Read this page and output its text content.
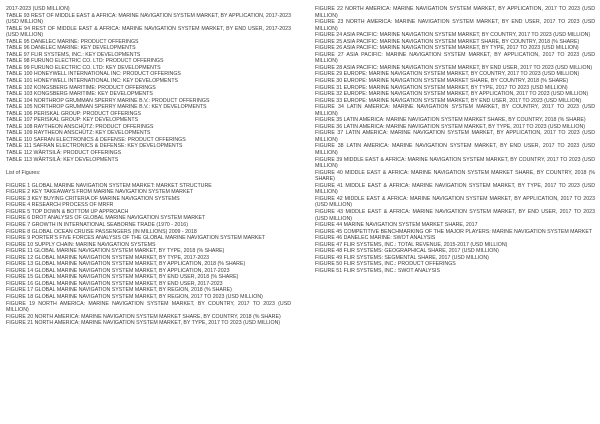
2017-2023 (USD MILLION)

TABLE 93 REST OF MIDDLE EAST & AFRICA: MARINE NAVIGATION SYSTEM MARKET, BY APPLICATION, 2017-2023 (USD MILLION)

TABLE 94 REST OF MIDDLE EAST & AFRICA: MARINE NAVIGATION SYSTEM MARKET, BY END USER, 2017-2023 (USD MILLION)

TABLE 95 DANELEC MARINE: PRODUCT OFFERINGS

TABLE 96 DANELEC MARINE: KEY DEVELOPMENTS

TABLE 97 FLIR SYSTEMS, INC.: KEY DEVELOPMENTS

TABLE 98 FURUNO ELECTRIC CO. LTD: PRODUCT OFFERINGS

TABLE 99 FURUNO ELECTRIC CO. LTD: KEY DEVELOPMENTS

TABLE 100 HONEYWELL INTERNATIONAL INC: PRODUCT OFFERINGS

TABLE 101 HONEYWELL INTERNATIONAL INC: KEY DEVELOPMENTS

TABLE 102 KONGSBERG MARITIME: PRODUCT OFFERINGS

TABLE 103 KONGSBERG MARITIME: KEY DEVELOPMENTS

TABLE 104 NORTHROP GRUMMAN SPERRY MARINE B.V.: PRODUCT OFFERINGS

TABLE 105 NORTHROP GRUMMAN SPERRY MARINE B.V.: KEY DEVELOPMENTS

TABLE 106 PERISKAL GROUP: PRODUCT OFFERINGS

TABLE 107 PERISKAL GROUP: KEY DEVELOPMENTS

TABLE 108 RAYTHEON ANSCHÜTZ: PRODUCT OFFERINGS

TABLE 109 RAYTHEON ANSCHÜTZ: KEY DEVELOPMENTS

TABLE 110 SAFRAN ELECTRONICS & DEFENSE: PRODUCT OFFERINGS

TABLE 111 SAFRAN ELECTRONICS & DEFENSE: KEY DEVELOPMENTS

TABLE 112 WÄRTSILÄ: PRODUCT OFFERINGS

TABLE 113 WÄRTSILÄ: KEY DEVELOPMENTS

List of Figures:

FIGURE 1 GLOBAL MARINE NAVIGATION SYSTEM MARKET: MARKET STRUCTURE

FIGURE 2 KEY TAKEAWAYS FROM MARINE NAVIGATION SYSTEM MARKET

FIGURE 3 KEY BUYING CRITERIA OF MARINE NAVIGATION SYSTEMS

FIGURE 4 RESEARCH PROCESS OF MRFR

FIGURE 5 TOP DOWN & BOTTOM UP APPROACH

FIGURE 6 DROT ANALYSIS OF GLOBAL MARINE NAVIGATION SYSTEM MARKET

FIGURE 7 GROWTH IN INTERNATIONAL SEABORNE TRADE (1970 - 2016)

FIGURE 8 GLOBAL OCEAN CRUISE PASSENGERS (IN MILLIONS) 2009 - 2018

FIGURE 9 PORTER'S FIVE FORCES ANALYSIS OF THE GLOBAL MARINE NAVIGATION SYSTEM MARKET

FIGURE 10 SUPPLY CHAIN: MARINE NAVIGATION SYSTEMS

FIGURE 11 GLOBAL MARINE NAVIGATION SYSTEM MARKET, BY TYPE, 2018 (% SHARE)

FIGURE 12 GLOBAL MARINE NAVIGATION SYSTEM MARKET, BY TYPE, 2017-2023

FIGURE 13 GLOBAL MARINE NAVIGATION SYSTEM MARKET, BY APPLICATION, 2018 (% SHARE)

FIGURE 14 GLOBAL MARINE NAVIGATION SYSTEM MARKET, BY APPLICATION, 2017-2023

FIGURE 15 GLOBAL MARINE NAVIGATION SYSTEM MARKET, BY END USER, 2018 (% SHARE)

FIGURE 16 GLOBAL MARINE NAVIGATION SYSTEM MARKET, BY END USER, 2017-2023

FIGURE 17 GLOBAL MARINE NAVIGATION SYSTEM MARKET, BY REGION, 2018 (% SHARE)

FIGURE 18 GLOBAL MARINE NAVIGATION SYSTEM MARKET, BY REGION, 2017 TO 2023 (USD MILLION)

FIGURE 19 NORTH AMERICA: MARINE NAVIGATION SYSTEM MARKET, BY COUNTRY, 2017 TO 2023 (USD MILLION)

FIGURE 20 NORTH AMERICA: MARINE NAVIGATION SYSTEM MARKET SHARE, BY COUNTRY, 2018 (% SHARE)

FIGURE 21 NORTH AMERICA: MARINE NAVIGATION SYSTEM MARKET, BY TYPE, 2017 TO 2023 (USD MILLION)

FIGURE 22 NORTH AMERICA: MARINE NAVIGATION SYSTEM MARKET, BY APPLICATION, 2017 TO 2023 (USD MILLION)

FIGURE 23 NORTH AMERICA: MARINE NAVIGATION SYSTEM MARKET, BY END USER, 2017 TO 2023 (USD MILLION)

FIGURE 24 ASIA PACIFIC: MARINE NAVIGATION SYSTEM MARKET, BY COUNTRY, 2017 TO 2023 (USD MILLION)

FIGURE 25 ASIA PACIFIC: MARINE NAVIGATION SYSTEM MARKET SHARE, BY COUNTRY, 2018 (% SHARE)

FIGURE 26 ASIA PACIFIC: MARINE NAVIGATION SYSTEM MARKET, BY TYPE, 2017 TO 2023 (USD MILLION)

FIGURE 27 ASIA PACIFIC: MARINE NAVIGATION SYSTEM MARKET, BY APPLICATION, 2017 TO 2023 (USD MILLION)

FIGURE 28 ASIA PACIFIC: MARINE NAVIGATION SYSTEM MARKET, BY END USER, 2017 TO 2023 (USD MILLION)

FIGURE 29 EUROPE: MARINE NAVIGATION SYSTEM MARKET, BY COUNTRY, 2017 TO 2023 (USD MILLION)

FIGURE 30 EUROPE: MARINE NAVIGATION SYSTEM MARKET SHARE, BY COUNTRY, 2018 (% SHARE)

FIGURE 31 EUROPE: MARINE NAVIGATION SYSTEM MARKET, BY TYPE, 2017 TO 2023 (USD MILLION)

FIGURE 32 EUROPE: MARINE NAVIGATION SYSTEM MARKET, BY APPLICATION, 2017 TO 2023 (USD MILLION)

FIGURE 33 EUROPE: MARINE NAVIGATION SYSTEM MARKET, BY END USER, 2017 TO 2023 (USD MILLION)

FIGURE 34 LATIN AMERICA: MARINE NAVIGATION SYSTEM MARKET, BY COUNTRY, 2017 TO 2023 (USD MILLION)

FIGURE 35 LATIN AMERICA: MARINE NAVIGATION SYSTEM MARKET SHARE, BY COUNTRY, 2018 (% SHARE)

FIGURE 36 LATIN AMERICA: MARINE NAVIGATION SYSTEM MARKET, BY TYPE, 2017 TO 2023 (USD MILLION)

FIGURE 37 LATIN AMERICA: MARINE NAVIGATION SYSTEM MARKET, BY APPLICATION, 2017 TO 2023 (USD MILLION)

FIGURE 38 LATIN AMERICA: MARINE NAVIGATION SYSTEM MARKET, BY END USER, 2017 TO 2023 (USD MILLION)

FIGURE 39 MIDDLE EAST & AFRICA: MARINE NAVIGATION SYSTEM MARKET, BY COUNTRY, 2017 TO 2023 (USD MILLION)

FIGURE 40 MIDDLE EAST & AFRICA: MARINE NAVIGATION SYSTEM MARKET SHARE, BY COUNTRY, 2018 (% SHARE)

FIGURE 41 MIDDLE EAST & AFRICA: MARINE NAVIGATION SYSTEM MARKET, BY TYPE, 2017 TO 2023 (USD MILLION)

FIGURE 42 MIDDLE EAST & AFRICA: MARINE NAVIGATION SYSTEM MARKET, BY APPLICATION, 2017 TO 2023 (USD MILLION)

FIGURE 43 MIDDLE EAST & AFRICA: MARINE NAVIGATION SYSTEM MARKET, BY END USER, 2017 TO 2023 (USD MILLION)

FIGURE 44 MARINE NAVIGATION SYSTEM MARKET SHARE, 2017

FIGURE 45 COMPETITIVE BENCHMARKING OF THE MAJOR PLAYERS: MARINE NAVIGATION SYSTEM MARKET

FIGURE 46 DANELEC MARINE: SWOT ANALYSIS

FIGURE 47 FLIR SYSTEMS, INC.: TOTAL REVENUE, 2015-2017 (USD MILLION)

FIGURE 48 FLIR SYSTEMS: GEOGRAPHICAL SHARE, 2017 (USD MILLION)

FIGURE 49 FLIR SYSTEMS: SEGMENTAL SHARE, 2017 (USD MILLION)

FIGURE 50 FLIR SYSTEMS, INC.: PRODUCT OFFERINGS

FIGURE 51 FLIR SYSTEMS, INC.: SWOT ANALYSIS
